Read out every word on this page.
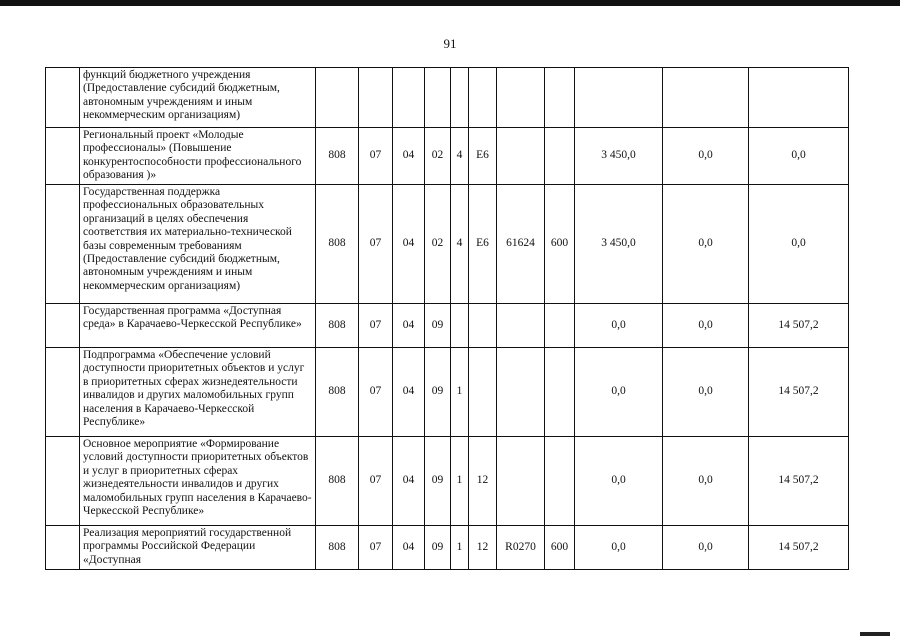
91
	функций бюджетного учреждения (Предоставление субсидий бюджетным, автономным учреждениям и иным некоммерческим организациям)											
	Региональный проект «Молодые профессионалы» (Повышение конкурентоспособности профессионального образования )»	808	07	04	02	4	Е6			3 450,0	0,0	0,0
	Государственная поддержка профессиональных образовательных организаций в целях обеспечения соответствия их материально-технической базы современным требованиям (Предоставление субсидий бюджетным, автономным учреждениям и иным некоммерческим организациям)	808	07	04	02	4	Е6	61624	600	3 450,0	0,0	0,0
	Государственная программа «Доступная среда» в Карачаево-Черкесской Республике»	808	07	04	09					0,0	0,0	14 507,2
	Подпрограмма «Обеспечение условий доступности приоритетных объектов и услуг в приоритетных сферах жизнедеятельности инвалидов и других маломобильных групп населения в Карачаево-Черкесской Республике»	808	07	04	09	1				0,0	0,0	14 507,2
	Основное мероприятие «Формирование условий доступности приоритетных объектов и услуг в приоритетных сферах жизнедеятельности инвалидов и других маломобильных групп населения в Карачаево-Черкесской Республике»	808	07	04	09	1	12			0,0	0,0	14 507,2
	Реализация мероприятий государственной программы Российской Федерации «Доступная	808	07	04	09	1	12	R0270	600	0,0	0,0	14 507,2
